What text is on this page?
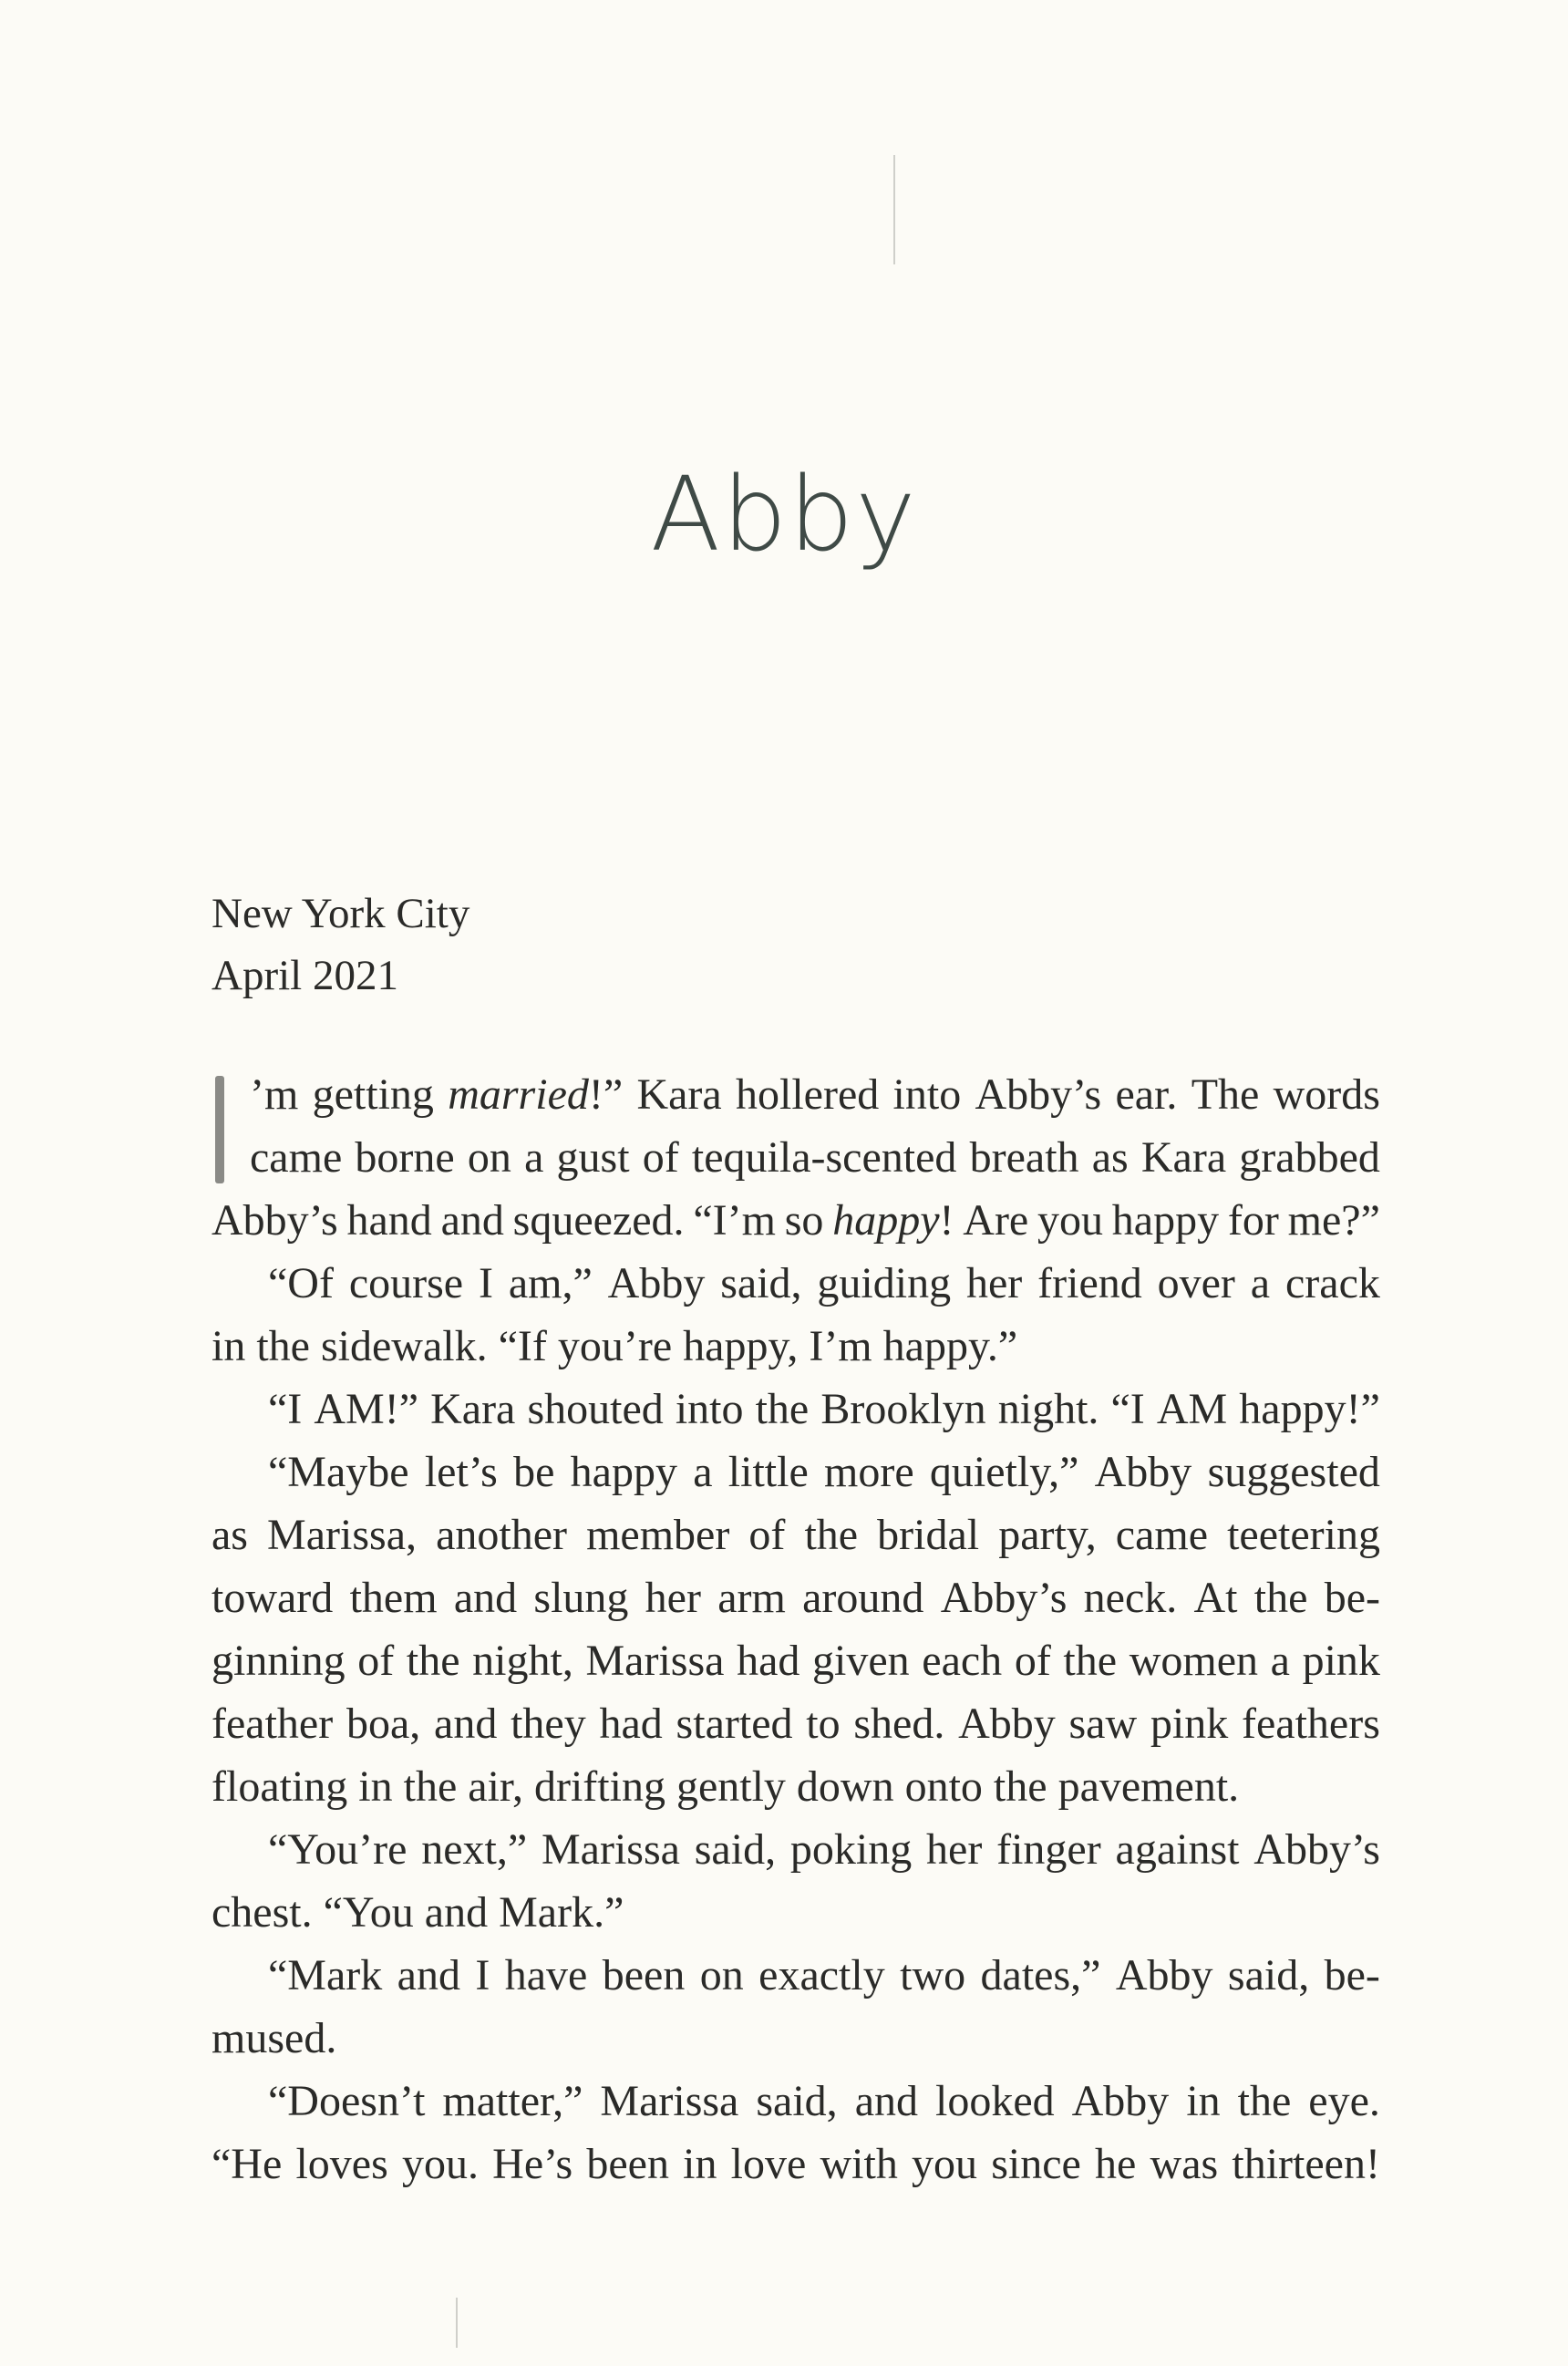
Abby
New York City
April 2021
’m getting married!” Kara hollered into Abby’s ear. The words
came borne on a gust of tequila-scented breath as Kara grabbed
Abby’s hand and squeezed. “I’m so happy! Are you happy for me?”
“Of course I am,” Abby said, guiding her friend over a crack
in the sidewalk. “If you’re happy, I’m happy.”
“I AM!” Kara shouted into the Brooklyn night. “I AM happy!”
“Maybe let’s be happy a little more quietly,” Abby suggested
as Marissa, another member of the bridal party, came teetering
toward them and slung her arm around Abby’s neck. At the be-
ginning of the night, Marissa had given each of the women a pink
feather boa, and they had started to shed. Abby saw pink feathers
floating in the air, drifting gently down onto the pavement.
“You’re next,” Marissa said, poking her finger against Abby’s
chest. “You and Mark.”
“Mark and I have been on exactly two dates,” Abby said, be-
mused.
“Doesn’t matter,” Marissa said, and looked Abby in the eye.
“He loves you. He’s been in love with you since he was thirteen!
